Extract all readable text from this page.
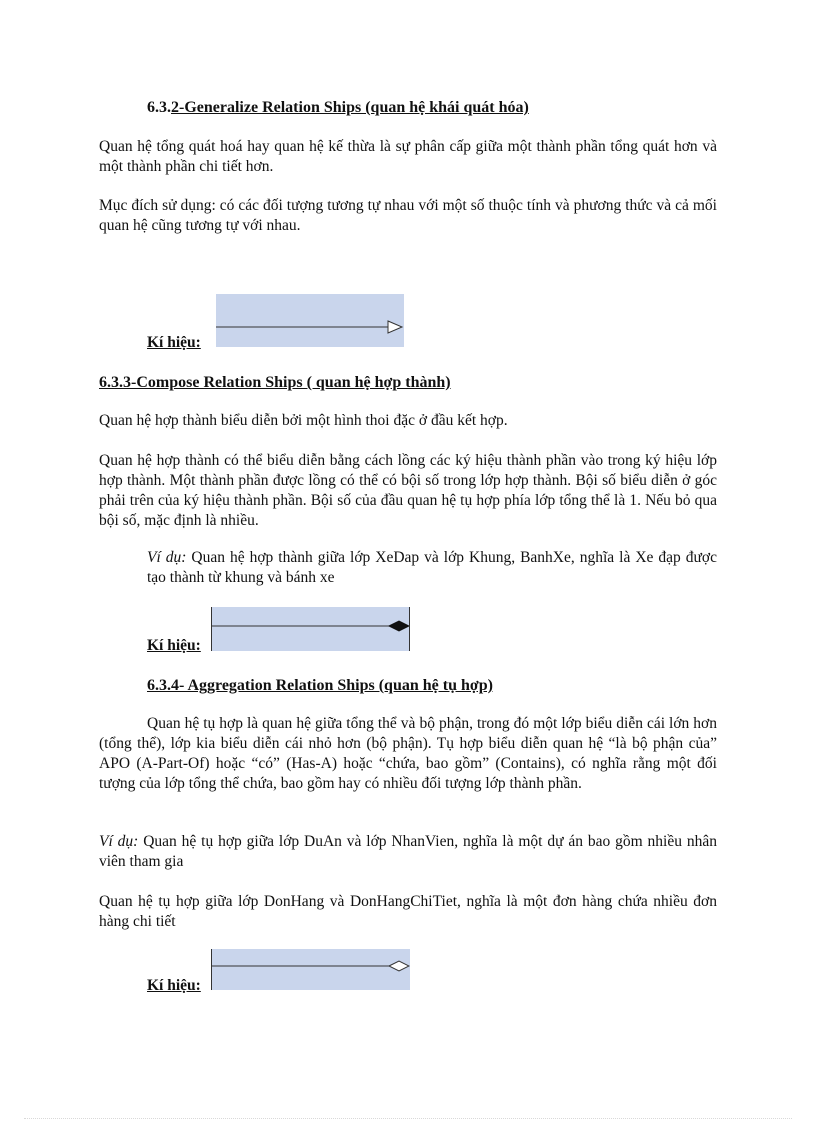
6.3.2-Generalize Relation Ships (quan hệ khái quát hóa)
Quan hệ tổng quát hoá hay quan hệ kế thừa là sự phân cấp giữa một thành phần tổng quát hơn và một thành phần chi tiết hơn.
Mục đích sử dụng: có các đối tượng tương tự nhau với một số thuộc tính và phương thức và cả mối quan hệ cũng tương tự với nhau.
Kí hiệu:
6.3.3-Compose Relation Ships ( quan hệ hợp thành)
Quan hệ hợp thành biểu diễn bởi một hình thoi đặc ở đầu kết hợp.
Quan hệ hợp thành có thể biểu diễn bằng cách lồng các ký hiệu thành phần vào trong ký hiệu lớp hợp thành. Một thành phần được lồng có thể có bội số trong lớp hợp thành. Bội số biểu diễn ở góc phải trên của ký hiệu thành phần. Bội số của đầu quan hệ tụ hợp phía lớp tổng thể là 1. Nếu bỏ qua bội số, mặc định là nhiều.
Ví dụ: Quan hệ hợp thành giữa lớp XeDap và lớp Khung, BanhXe, nghĩa là Xe đạp được tạo thành từ khung và bánh xe
Kí hiệu:
6.3.4- Aggregation Relation Ships (quan hệ tụ hợp)
Quan hệ tụ hợp là quan hệ giữa tổng thể và bộ phận, trong đó một lớp biểu diễn cái lớn hơn (tổng thể), lớp kia biểu diễn cái nhỏ hơn (bộ phận). Tụ hợp biểu diễn quan hệ “là bộ phận của” APO (A-Part-Of) hoặc “có” (Has-A) hoặc “chứa, bao gồm” (Contains), có nghĩa rằng một đối tượng của lớp tổng thể chứa, bao gồm hay có nhiều đối tượng lớp thành phần.
Ví dụ: Quan hệ tụ hợp giữa lớp DuAn và lớp NhanVien, nghĩa là một dự án bao gồm nhiều nhân viên tham gia
Quan hệ tụ hợp giữa lớp DonHang và DonHangChiTiet, nghĩa là một đơn hàng chứa nhiều đơn hàng chi tiết
Kí hiệu:
